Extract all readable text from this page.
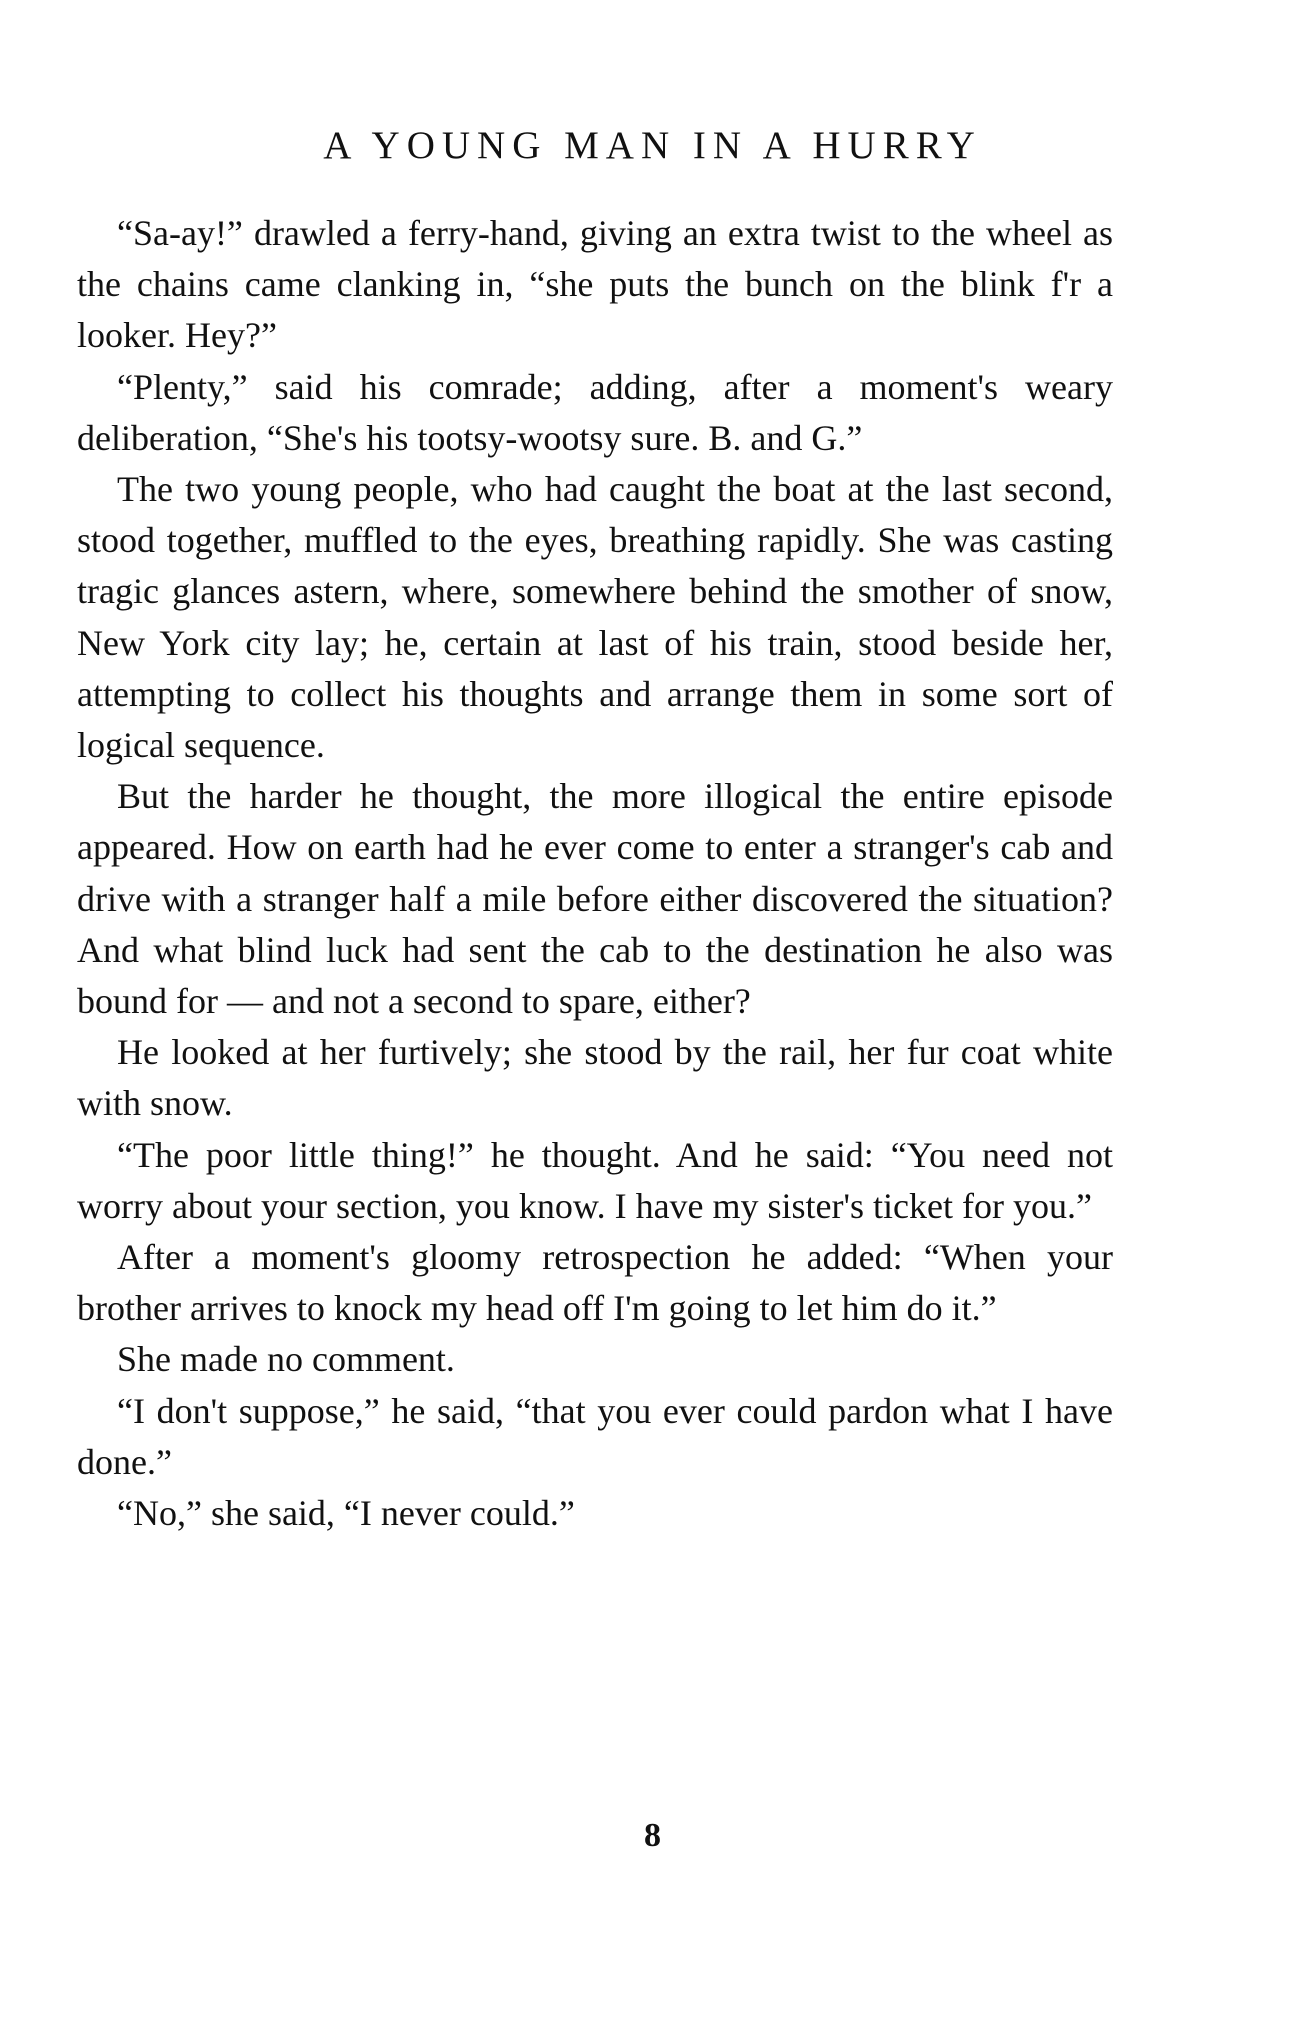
A YOUNG MAN IN A HURRY

“Sa-ay!” drawled a ferry-hand, giving an extra twist to the wheel as the chains came clanking in, “she puts the bunch on the blink f'r a looker. Hey?”

“Plenty,” said his comrade; adding, after a moment's weary deliberation, “She's his tootsy-wootsy sure. B. and G.”

The two young people, who had caught the boat at the last second, stood together, muffled to the eyes, breathing rapidly. She was casting tragic glances astern, where, somewhere behind the smother of snow, New York city lay; he, certain at last of his train, stood beside her, attempting to collect his thoughts and arrange them in some sort of logical sequence.

But the harder he thought, the more illogical the entire episode appeared. How on earth had he ever come to enter a stranger's cab and drive with a stranger half a mile before either discovered the situation? And what blind luck had sent the cab to the destination he also was bound for — and not a second to spare, either?

He looked at her furtively; she stood by the rail, her fur coat white with snow.

“The poor little thing!” he thought. And he said: “You need not worry about your section, you know. I have my sister's ticket for you.”

After a moment's gloomy retrospection he added: “When your brother arrives to knock my head off I'm going to let him do it.”

She made no comment.

“I don't suppose,” he said, “that you ever could pardon what I have done.”

“No,” she said, “I never could.”

8
